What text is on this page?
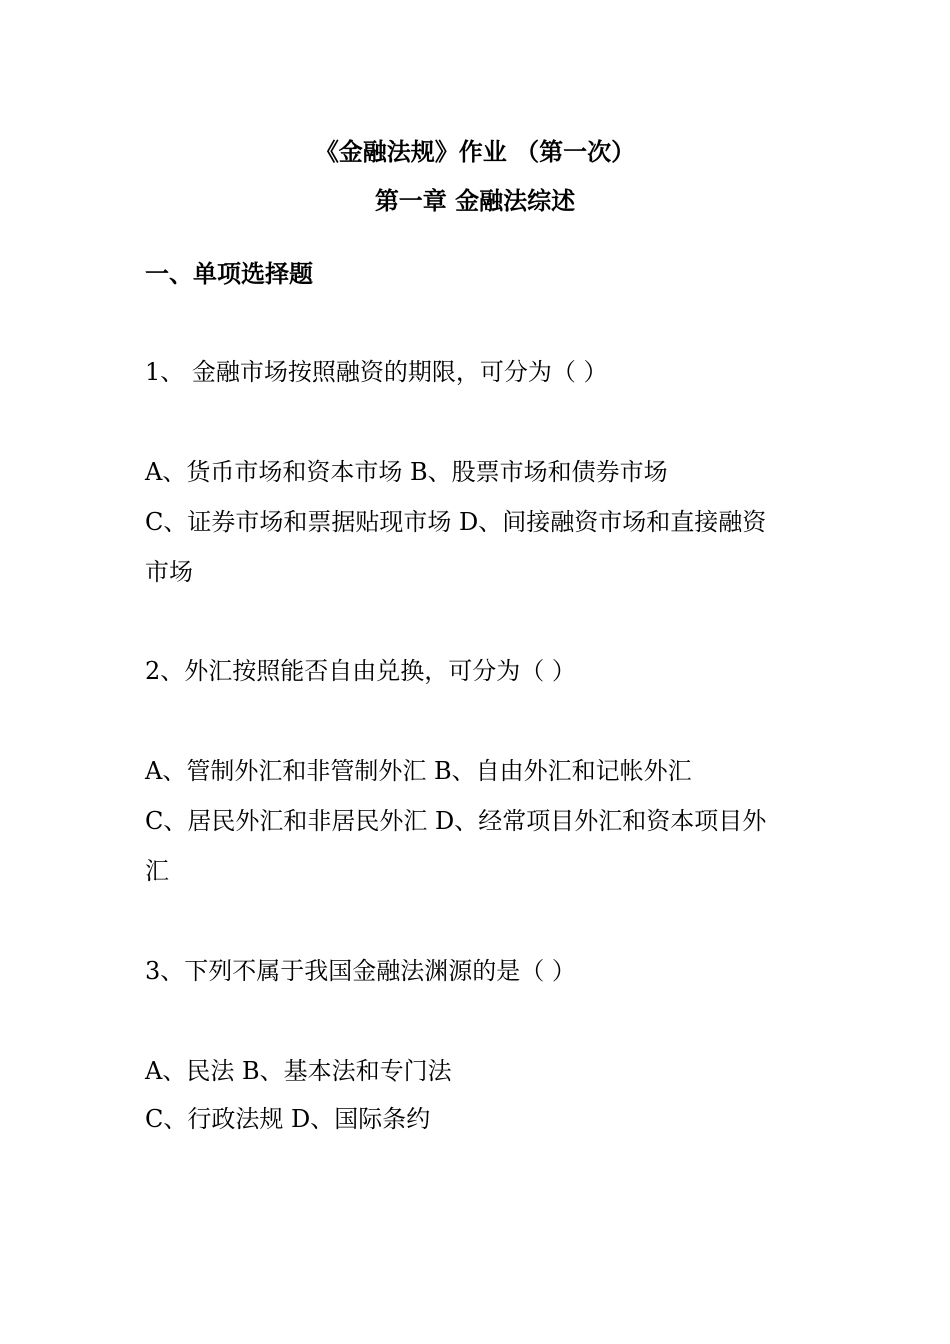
《金融法规》作业 （第一次）
第一章 金融法综述
一、单项选择题
1、 金融市场按照融资的期限，可分为（ ）
A、货币市场和资本市场 B、股票市场和债券市场
C、证券市场和票据贴现市场 D、间接融资市场和直接融资
市场
2、外汇按照能否自由兑换，可分为（ ）
A、管制外汇和非管制外汇 B、自由外汇和记帐外汇
C、居民外汇和非居民外汇 D、经常项目外汇和资本项目外
汇
3、下列不属于我国金融法渊源的是（ ）
A、民法 B、基本法和专门法
C、行政法规 D、国际条约
